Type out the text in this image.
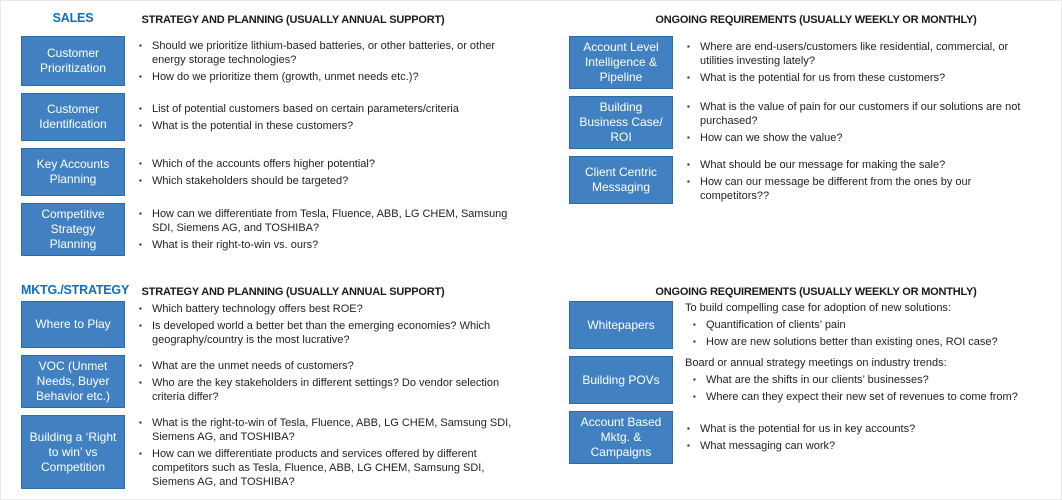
SALES	STRATEGY AND PLANNING (USUALLY ANNUAL SUPPORT)	ONGOING REQUIREMENTS (USUALLY WEEKLY OR MONTHLY)
Customer Prioritization
▪ Should we prioritize lithium-based batteries, or other batteries, or other energy storage technologies?
▪ How do we prioritize them (growth, unmet needs etc.)?
Customer Identification
▪ List of potential customers based on certain parameters/criteria
▪ What is the potential in these customers?
Key Accounts Planning
▪ Which of the accounts offers higher potential?
▪ Which stakeholders should be targeted?
Competitive Strategy Planning
▪ How can we differentiate from Tesla, Fluence, ABB, LG CHEM, Samsung SDI, Siemens AG, and TOSHIBA?
▪ What is their right-to-win vs. ours?
Account Level Intelligence & Pipeline
▪ Where are end-users/customers like residential, commercial, or utilities investing lately?
▪ What is the potential for us from these customers?
Building Business Case/ ROI
▪ What is the value of pain for our customers if our solutions are not purchased?
▪ How can we show the value?
Client Centric Messaging
▪ What should be our message for making the sale?
▪ How can our message be different from the ones by our competitors??
MKTG./STRATEGY	STRATEGY AND PLANNING (USUALLY ANNUAL SUPPORT)	ONGOING REQUIREMENTS (USUALLY WEEKLY OR MONTHLY)
Where to Play
▪ Which battery technology offers best ROE?
▪ Is developed world a better bet than the emerging economies? Which geography/country is the most lucrative?
VOC (Unmet Needs, Buyer Behavior etc.)
▪ What are the unmet needs of customers?
▪ Who are the key stakeholders in different settings? Do vendor selection criteria differ?
Building a ‘Right to win’ vs Competition
▪ What is the right-to-win of Tesla, Fluence, ABB, LG CHEM, Samsung SDI, Siemens AG, and TOSHIBA?
▪ How can we differentiate products and services offered by different competitors such as Tesla, Fluence, ABB, LG CHEM, Samsung SDI, Siemens AG, and TOSHIBA?
Whitepapers
To build compelling case for adoption of new solutions:
▪ Quantification of clients’ pain
▪ How are new solutions better than existing ones, ROI case?
Building POVs
Board or annual strategy meetings on industry trends:
▪ What are the shifts in our clients’ businesses?
▪ Where can they expect their new set of revenues to come from?
Account Based Mktg. & Campaigns
▪ What is the potential for us in key accounts?
▪ What messaging can work?
